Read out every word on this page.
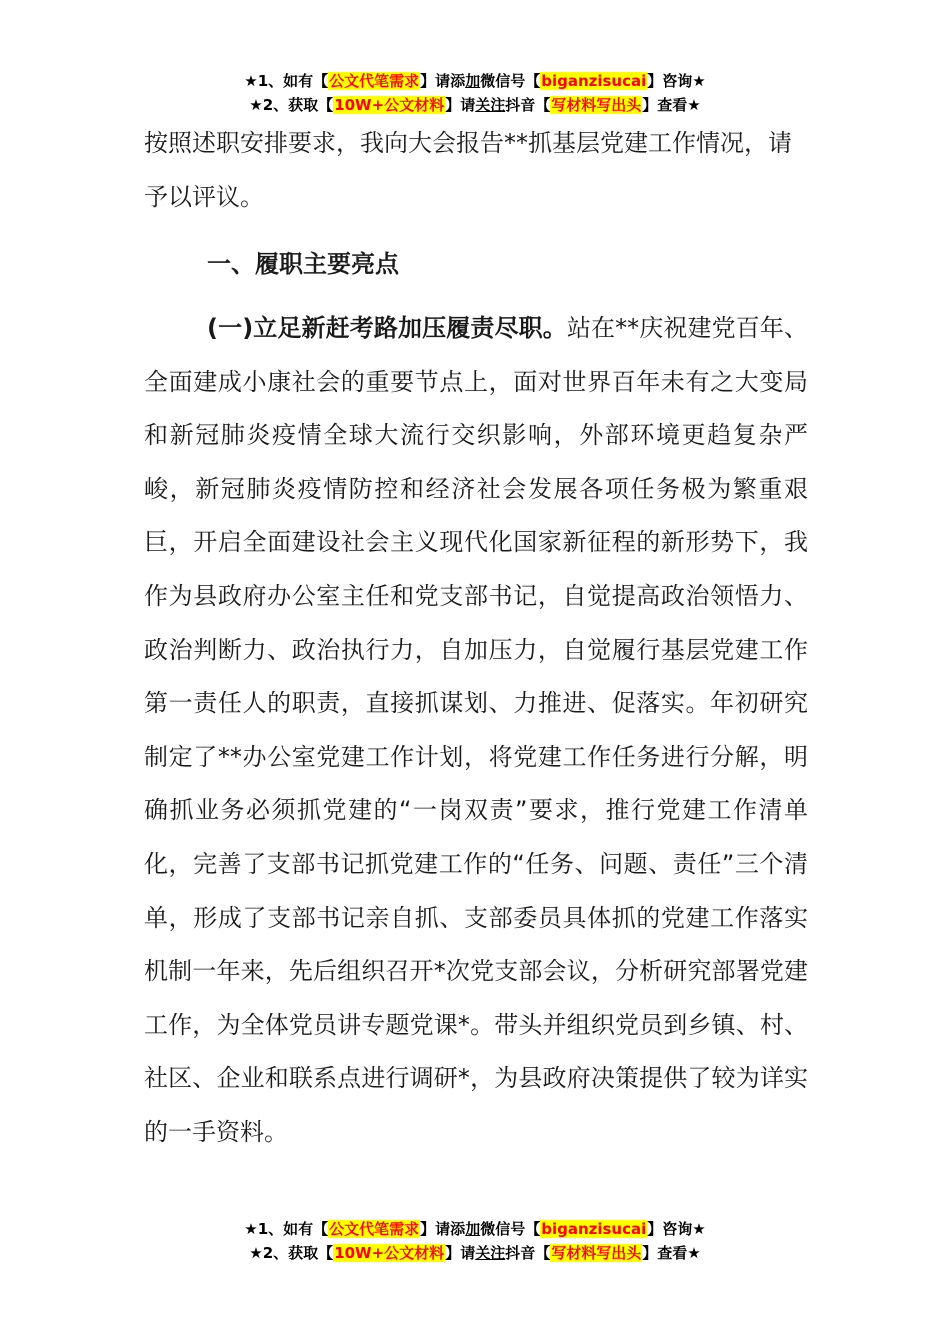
★1、如有【公文代笔需求】请添加微信号【biganzisucai】咨询★
★2、获取【10W+公文材料】请关注抖音【写材料写出头】查看★

按照述职安排要求，我向大会报告**抓基层党建工作情况，请予以评议。

一、履职主要亮点

(一)立足新赶考路加压履责尽职。站在**庆祝建党百年、全面建成小康社会的重要节点上，面对世界百年未有之大变局和新冠肺炎疫情全球大流行交织影响，外部环境更趋复杂严峻，新冠肺炎疫情防控和经济社会发展各项任务极为繁重艰巨，开启全面建设社会主义现代化国家新征程的新形势下，我作为县政府办公室主任和党支部书记，自觉提高政治领悟力、政治判断力、政治执行力，自加压力，自觉履行基层党建工作第一责任人的职责，直接抓谋划、力推进、促落实。年初研究制定了**办公室党建工作计划，将党建工作任务进行分解，明确抓业务必须抓党建的“一岗双责”要求，推行党建工作清单化，完善了支部书记抓党建工作的“任务、问题、责任”三个清单，形成了支部书记亲自抓、支部委员具体抓的党建工作落实机制一年来，先后组织召开*次党支部会议，分析研究部署党建工作，为全体党员讲专题党课*。带头并组织党员到乡镇、村、社区、企业和联系点进行调研*，为县政府决策提供了较为详实的一手资料。

★1、如有【公文代笔需求】请添加微信号【biganzisucai】咨询★
★2、获取【10W+公文材料】请关注抖音【写材料写出头】查看★
